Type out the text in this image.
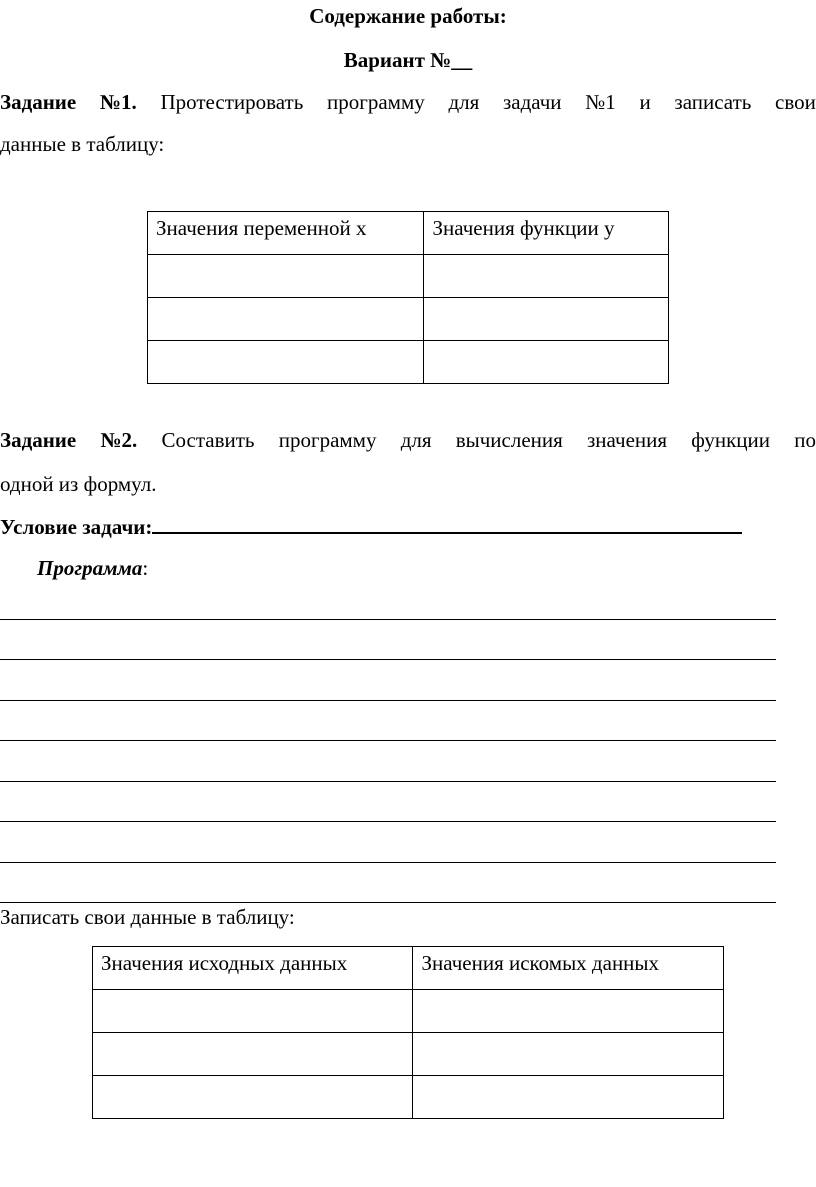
Содержание работы:
Вариант №__
Задание №1. Протестировать программу для задачи №1 и записать свои
данные в таблицу:
Значения переменной x	Значения функции y

Задание №2. Составить программу для вычисления значения функции по
одной из формул.
Условие задачи:
Программа:
Записать свои данные в таблицу:
Значения исходных данных	Значения искомых данных
